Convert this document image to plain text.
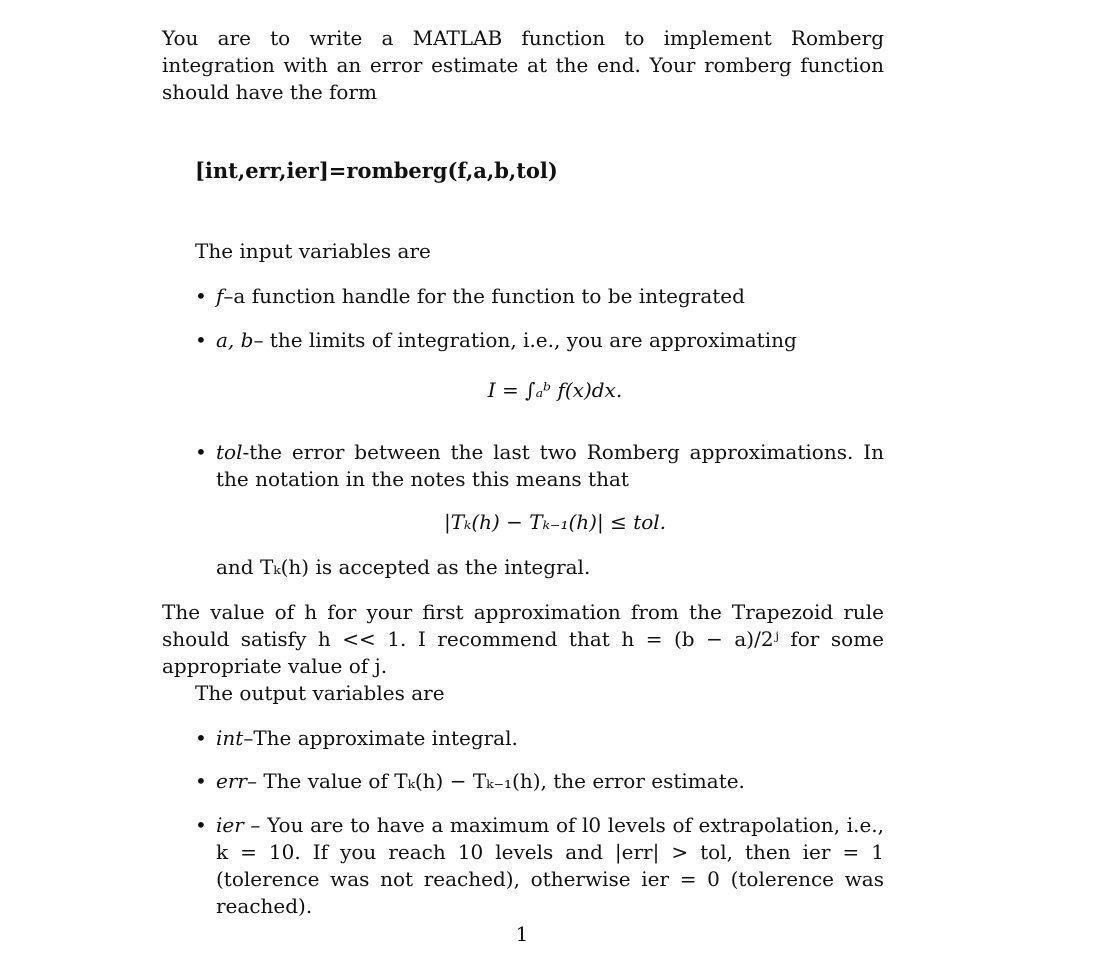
You are to write a MATLAB function to implement Romberg integration with an error estimate at the end. Your romberg function should have the form
[int,err,ier]=romberg(f,a,b,tol)
The input variables are
• f–a function handle for the function to be integrated
• a, b– the limits of integration, i.e., you are approximating
I = ∫ₐᵇ f(x)dx.
• tol-the error between the last two Romberg approximations. In the notation in the notes this means that
|Tₖ(h) − Tₖ₋₁(h)| ≤ tol.
and Tₖ(h) is accepted as the integral.
The value of h for your first approximation from the Trapezoid rule should satisfy h << 1. I recommend that h = (b − a)/2ʲ for some appropriate value of j.
The output variables are
• int–The approximate integral.
• err– The value of Tₖ(h) − Tₖ₋₁(h), the error estimate.
• ier – You are to have a maximum of l0 levels of extrapolation, i.e., k = 10. If you reach 10 levels and |err| > tol, then ier = 1 (tolerence was not reached), otherwise ier = 0 (tolerence was reached).
1
